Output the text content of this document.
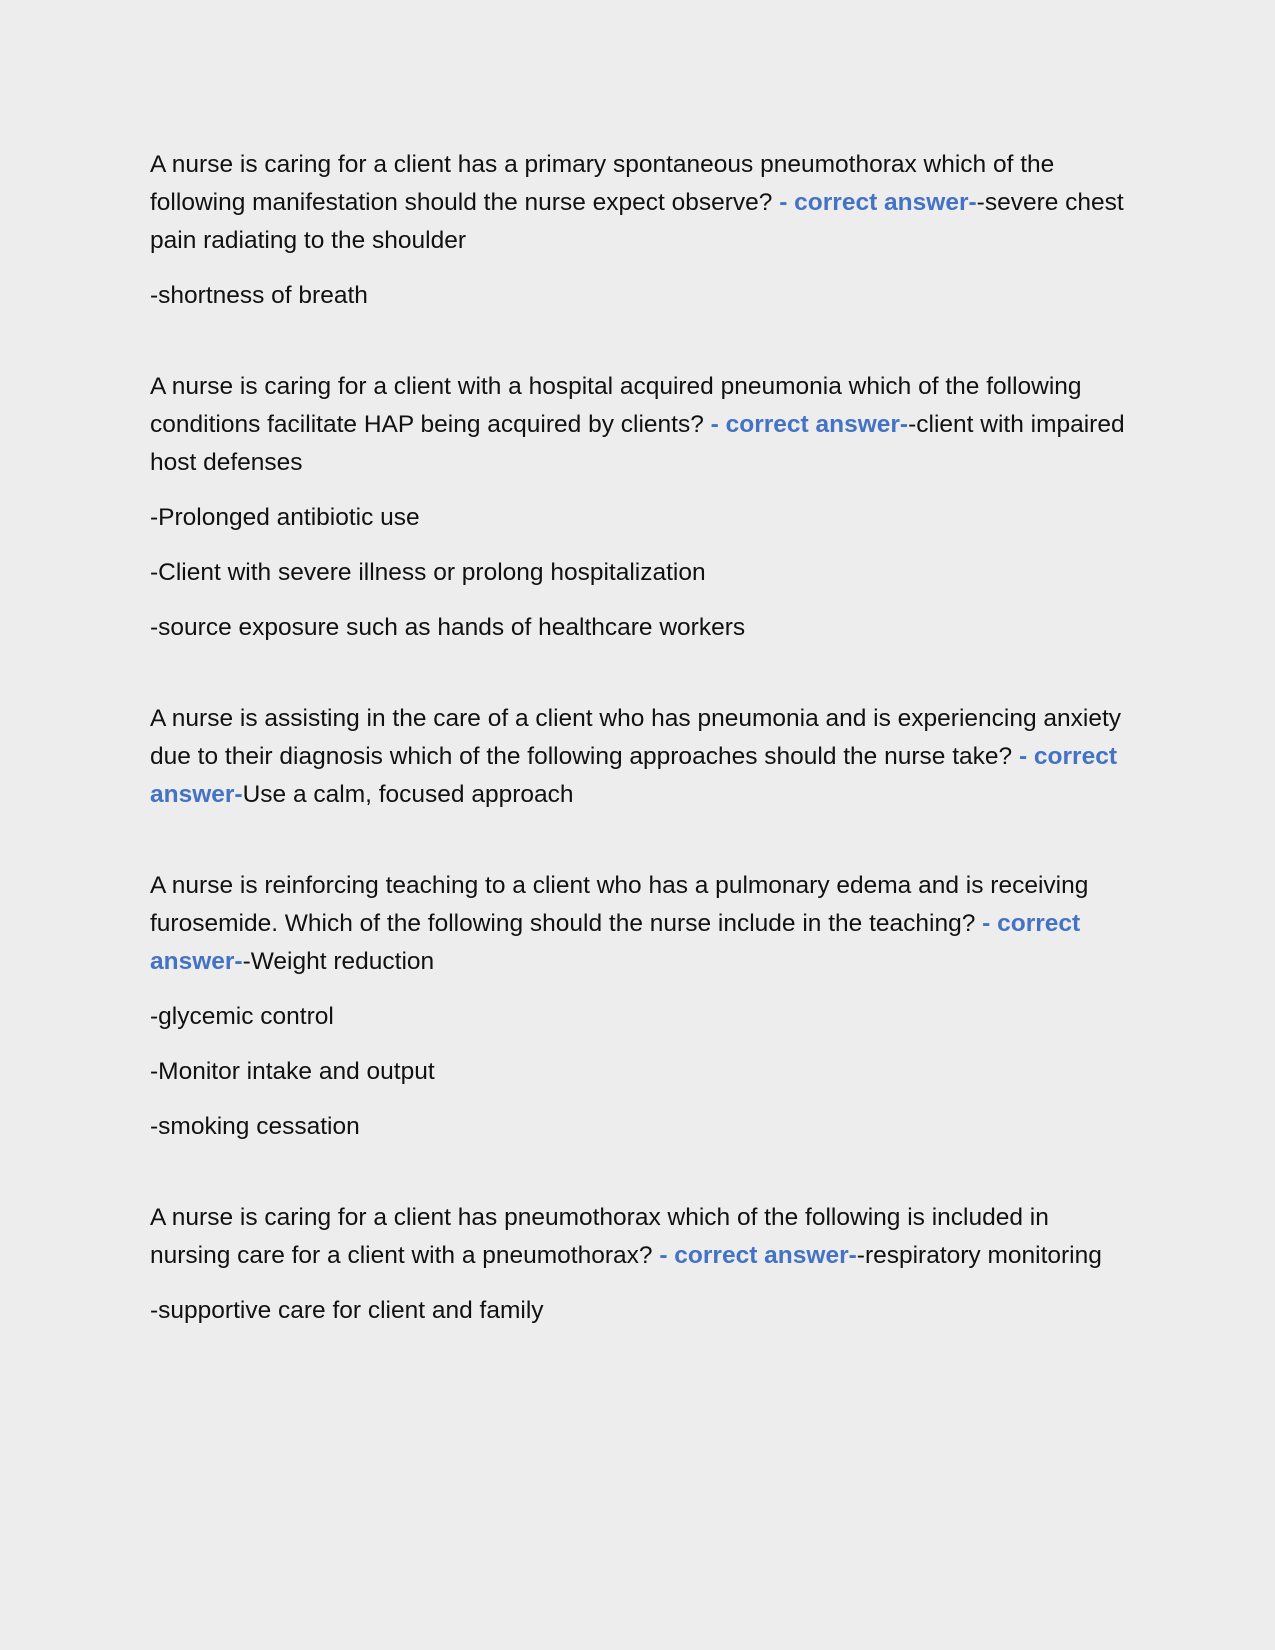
A nurse is caring for a client has a primary spontaneous pneumothorax which of the following manifestation should the nurse expect observe? - correct answer--severe chest pain radiating to the shoulder

-shortness of breath

A nurse is caring for a client with a hospital acquired pneumonia which of the following conditions facilitate HAP being acquired by clients? - correct answer--client with impaired host defenses

-Prolonged antibiotic use

-Client with severe illness or prolong hospitalization

-source exposure such as hands of healthcare workers

A nurse is assisting in the care of a client who has pneumonia and is experiencing anxiety due to their diagnosis which of the following approaches should the nurse take? - correct answer-Use a calm, focused approach

A nurse is reinforcing teaching to a client who has a pulmonary edema and is receiving furosemide. Which of the following should the nurse include in the teaching? - correct answer--Weight reduction

-glycemic control

-Monitor intake and output

-smoking cessation

A nurse is caring for a client has pneumothorax which of the following is included in nursing care for a client with a pneumothorax? - correct answer--respiratory monitoring

-supportive care for client and family
